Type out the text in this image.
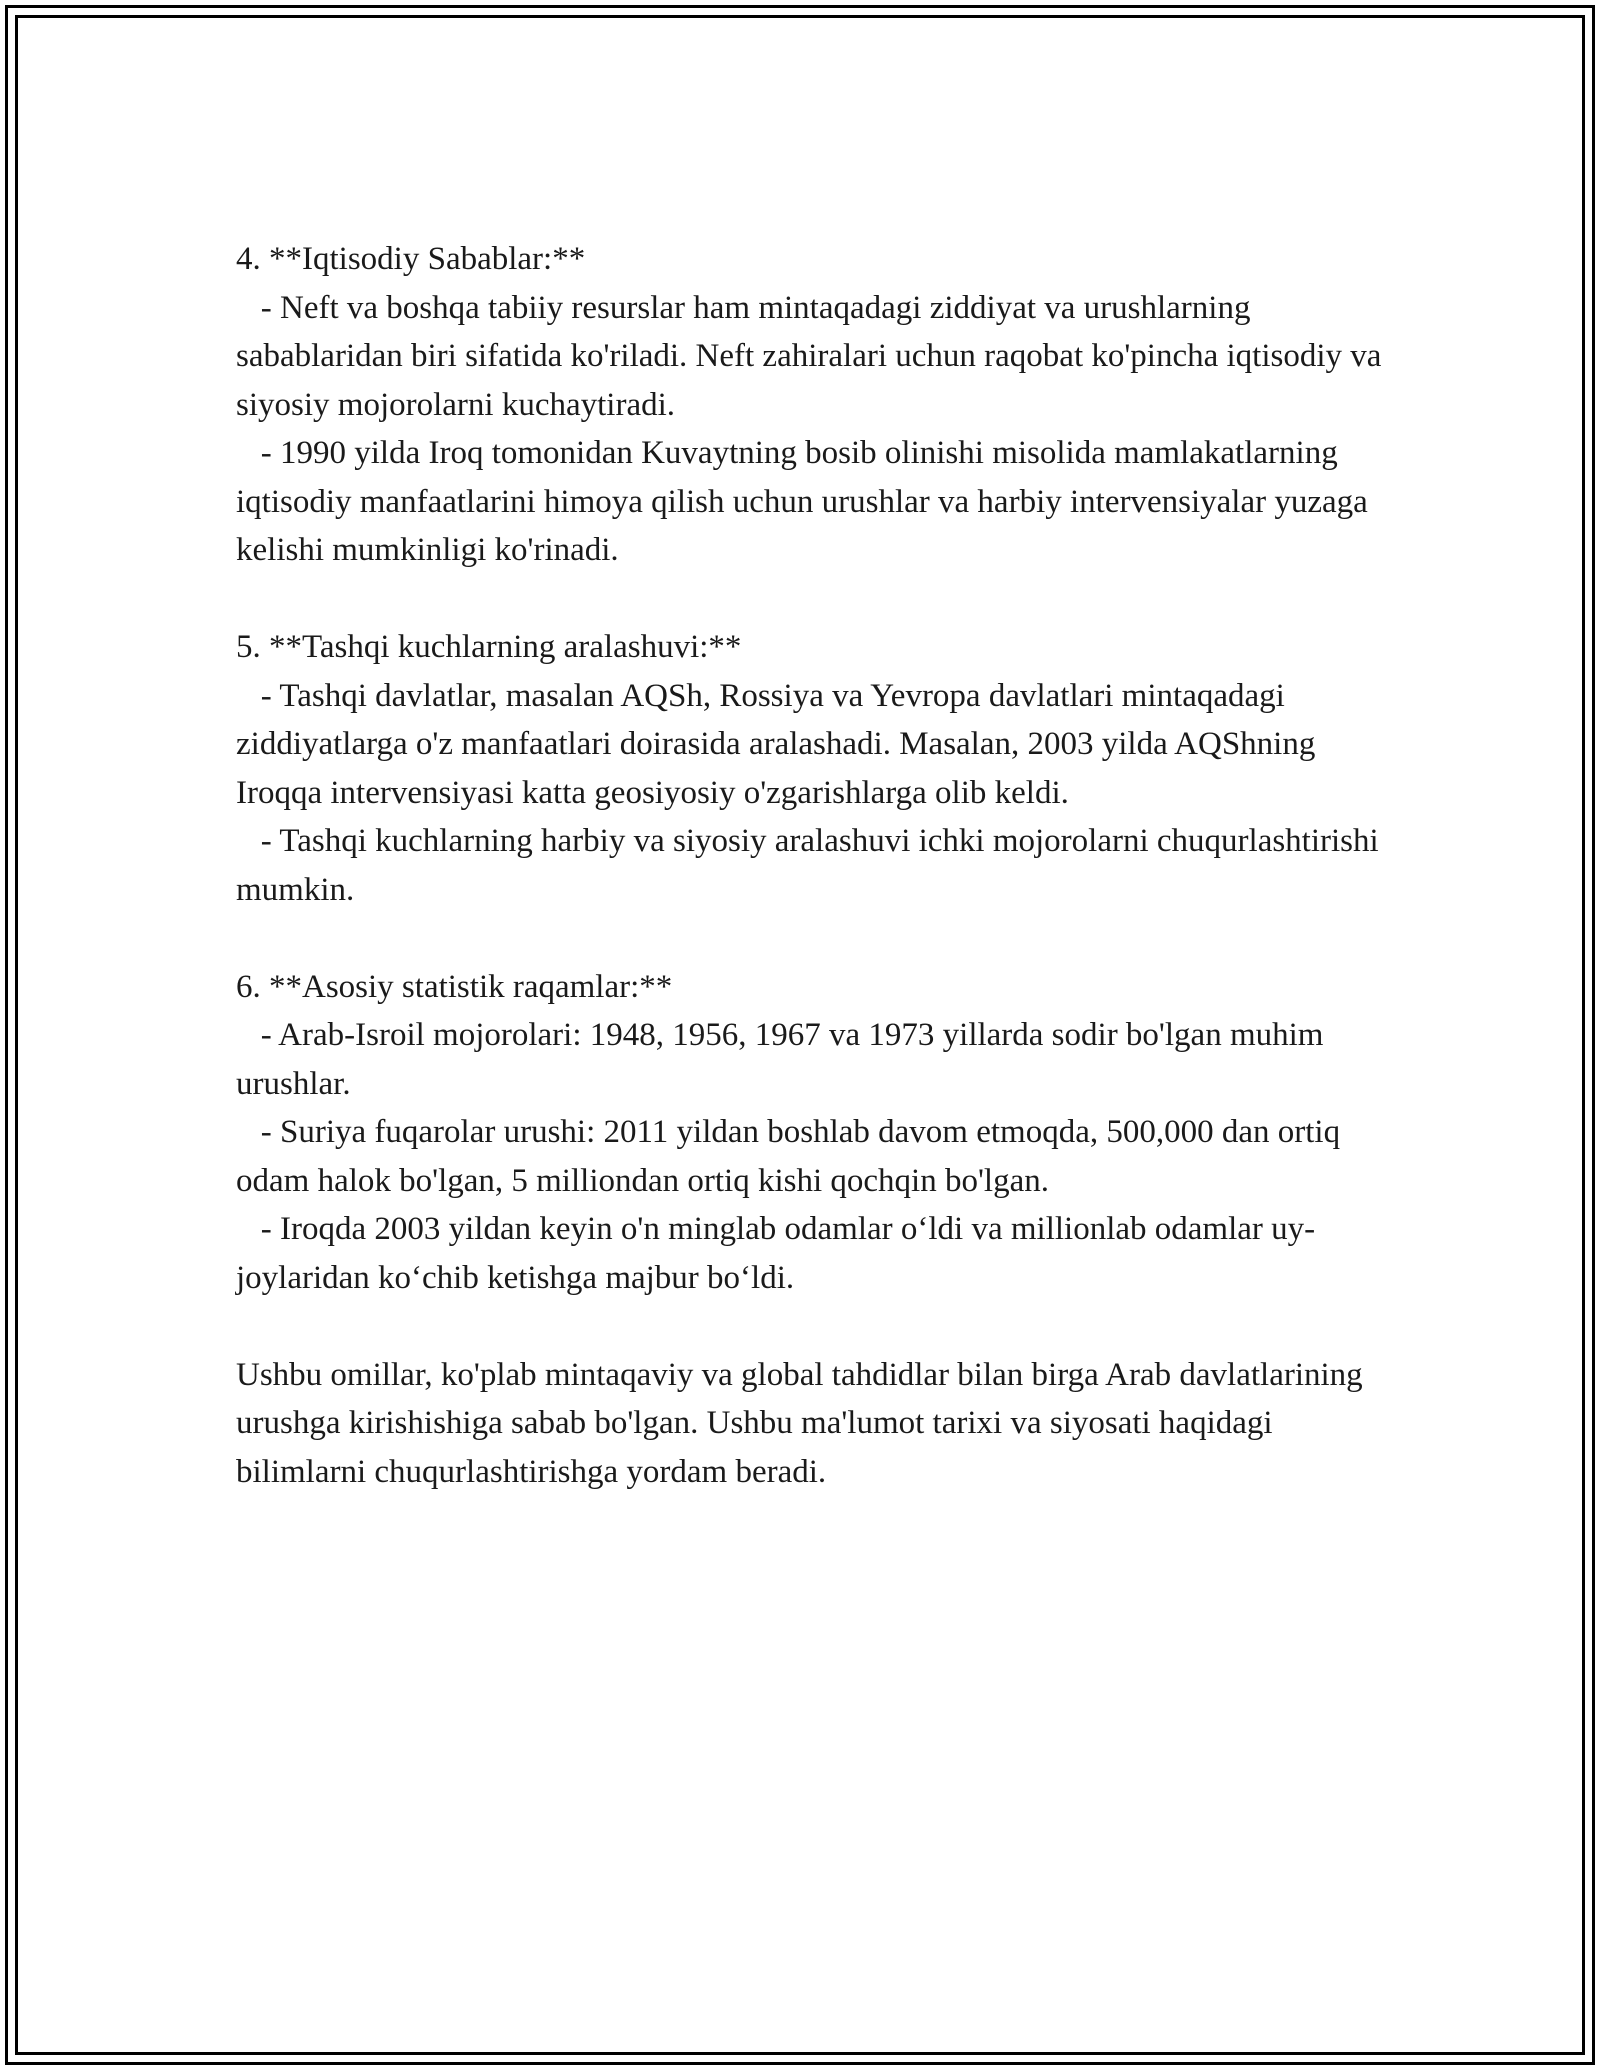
4. **Iqtisodiy Sabablar:**
- Neft va boshqa tabiiy resurslar ham mintaqadagi ziddiyat va urushlarning sabablaridan biri sifatida ko'riladi. Neft zahiralari uchun raqobat ko'pincha iqtisodiy va siyosiy mojorolarni kuchaytiradi.
- 1990 yilda Iroq tomonidan Kuvaytning bosib olinishi misolida mamlakatlarning iqtisodiy manfaatlarini himoya qilish uchun urushlar va harbiy intervensiyalar yuzaga kelishi mumkinligi ko'rinadi.
5. **Tashqi kuchlarning aralashuvi:**
- Tashqi davlatlar, masalan AQSh, Rossiya va Yevropa davlatlari mintaqadagi ziddiyatlarga o'z manfaatlari doirasida aralashadi. Masalan, 2003 yilda AQShning Iroqqa intervensiyasi katta geosiyosiy o'zgarishlarga olib keldi.
- Tashqi kuchlarning harbiy va siyosiy aralashuvi ichki mojorolarni chuqurlashtirishi mumkin.
6. **Asosiy statistik raqamlar:**
- Arab-Isroil mojorolari: 1948, 1956, 1967 va 1973 yillarda sodir bo'lgan muhim urushlar.
- Suriya fuqarolar urushi: 2011 yildan boshlab davom etmoqda, 500,000 dan ortiq odam halok bo'lgan, 5 milliondan ortiq kishi qochqin bo'lgan.
- Iroqda 2003 yildan keyin o'n minglab odamlar o‘ldi va millionlab odamlar uy-joylaridan ko‘chib ketishga majbur bo‘ldi.

Ushbu omillar, ko'plab mintaqaviy va global tahdidlar bilan birga Arab davlatlarining urushga kirishishiga sabab bo'lgan. Ushbu ma'lumot tarixi va siyosati haqidagi bilimlarni chuqurlashtirishga yordam beradi.
